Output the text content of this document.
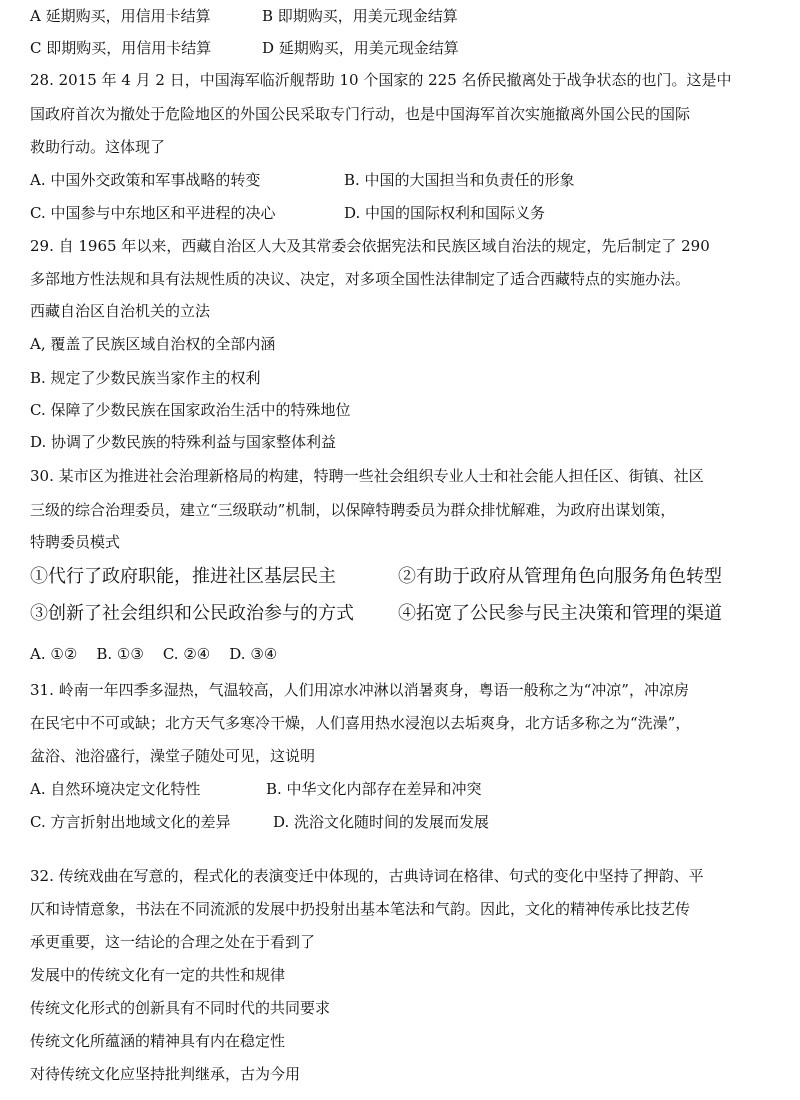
A 延期购买，用信用卡结算	B 即期购买，用美元现金结算
C 即期购买，用信用卡结算	D 延期购买，用美元现金结算
28. 2015 年 4 月 2 日，中国海军临沂舰帮助 10 个国家的 225 名侨民撤离处于战争状态的也门。这是中
国政府首次为撤处于危险地区的外国公民采取专门行动，也是中国海军首次实施撤离外国公民的国际
救助行动。这体现了
A. 中国外交政策和军事战略的转变	B. 中国的大国担当和负责任的形象
C. 中国参与中东地区和平进程的决心	D. 中国的国际权利和国际义务
29. 自 1965 年以来，西藏自治区人大及其常委会依据宪法和民族区域自治法的规定，先后制定了 290
多部地方性法规和具有法规性质的决议、决定，对多项全国性法律制定了适合西藏特点的实施办法。
西藏自治区自治机关的立法
A, 覆盖了民族区域自治权的全部内涵
B. 规定了少数民族当家作主的权利
C. 保障了少数民族在国家政治生活中的特殊地位
D. 协调了少数民族的特殊利益与国家整体利益
30. 某市区为推进社会治理新格局的构建，特聘一些社会组织专业人士和社会能人担任区、街镇、社区
三级的综合治理委员，建立“三级联动”机制，以保障特聘委员为群众排忧解难，为政府出谋划策，
特聘委员模式
①代行了政府职能，推进社区基层民主	②有助于政府从管理角色向服务角色转型
③创新了社会组织和公民政治参与的方式 ④拓宽了公民参与民主决策和管理的渠道
A. ①②    B. ①③    C. ②④    D. ③④
31. 岭南一年四季多湿热，气温较高，人们用凉水冲淋以消暑爽身，粤语一般称之为“冲凉”，冲凉房
在民宅中不可或缺；北方天气多寒冷干燥，人们喜用热水浸泡以去垢爽身，北方话多称之为“洗澡”，
盆浴、池浴盛行，澡堂子随处可见，这说明
A. 自然环境决定文化特性	B. 中华文化内部存在差异和冲突
C. 方言折射出地域文化的差异	D. 洗浴文化随时间的发展而发展
32. 传统戏曲在写意的，程式化的表演变迁中体现的，古典诗词在格律、句式的变化中坚持了押韵、平
仄和诗情意象，书法在不同流派的发展中扔投射出基本笔法和气韵。因此，文化的精神传承比技艺传
承更重要，这一结论的合理之处在于看到了
发展中的传统文化有一定的共性和规律
传统文化形式的创新具有不同时代的共同要求
传统文化所蕴涵的精神具有内在稳定性
对待传统文化应坚持批判继承，古为今用
